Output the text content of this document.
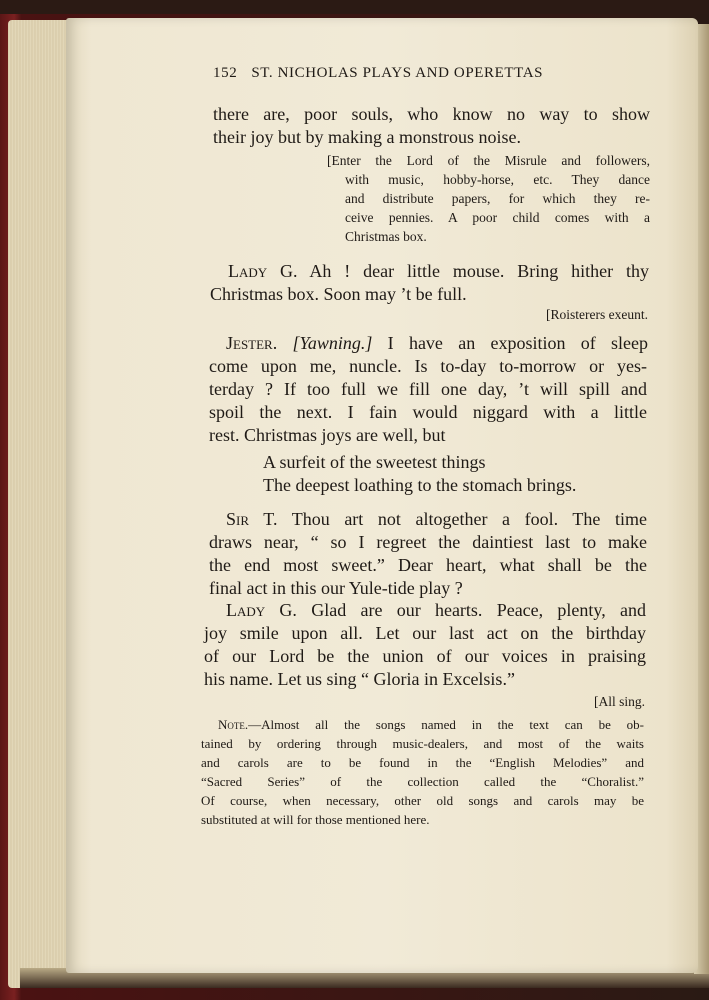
152 ST. NICHOLAS PLAYS AND OPERETTAS
there are, poor souls, who know no way to show
their joy but by making a monstrous noise.
[Enter the Lord of the Misrule and followers,
with music, hobby-horse, etc. They dance
and distribute papers, for which they re-
ceive pennies. A poor child comes with a
Christmas box.
Lady G. Ah ! dear little mouse. Bring hither thy
Christmas box. Soon may ’t be full.
[Roisterers exeunt.
Jester. [Yawning.] I have an exposition of sleep
come upon me, nuncle. Is to-day to-morrow or yes-
terday ? If too full we fill one day, ’t will spill and
spoil the next. I fain would niggard with a little
rest. Christmas joys are well, but
A surfeit of the sweetest things
The deepest loathing to the stomach brings.
Sir T. Thou art not altogether a fool. The time
draws near, “ so I regreet the daintiest last to make
the end most sweet.” Dear heart, what shall be the
final act in this our Yule-tide play ?
Lady G. Glad are our hearts. Peace, plenty, and
joy smile upon all. Let our last act on the birthday
of our Lord be the union of our voices in praising
his name. Let us sing “ Gloria in Excelsis.”
[All sing.
Note.—Almost all the songs named in the text can be ob-
tained by ordering through music-dealers, and most of the waits
and carols are to be found in the “English Melodies” and
“Sacred Series” of the collection called the “Choralist.”
Of course, when necessary, other old songs and carols may be
substituted at will for those mentioned here.
